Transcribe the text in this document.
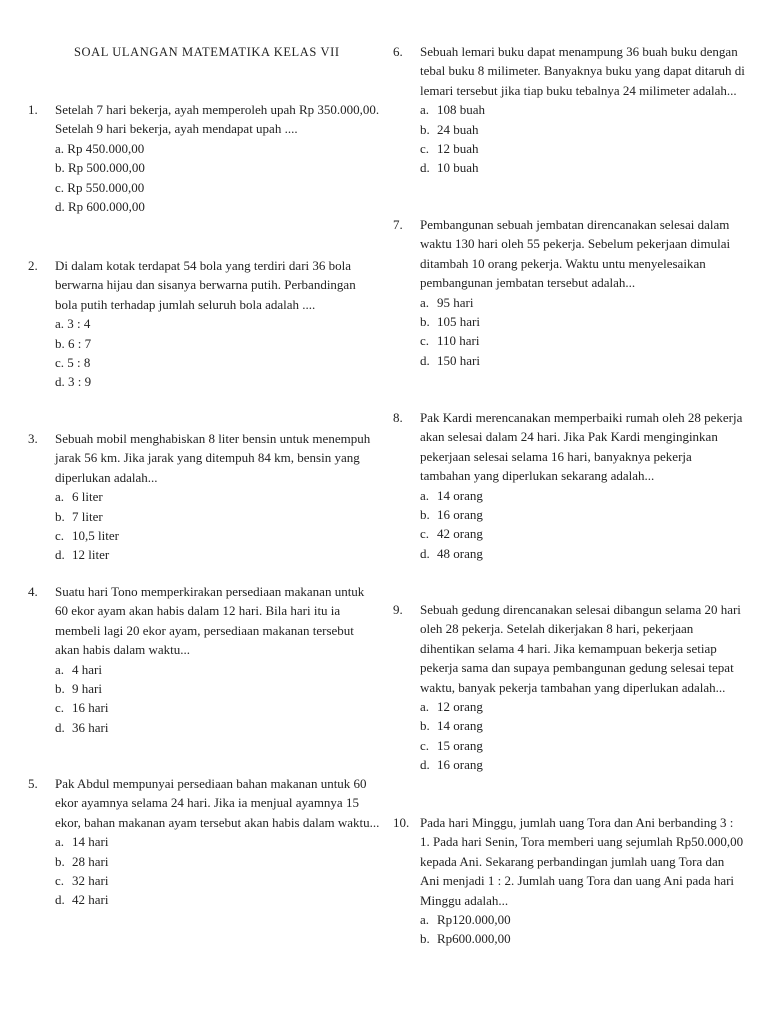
SOAL ULANGAN MATEMATIKA KELAS VII
1. Setelah 7 hari bekerja, ayah memperoleh upah Rp 350.000,00. Setelah 9 hari bekerja, ayah mendapat upah ....
a. Rp 450.000,00
b. Rp 500.000,00
c. Rp 550.000,00
d. Rp 600.000,00
2. Di dalam kotak terdapat 54 bola yang terdiri dari 36 bola berwarna hijau dan sisanya berwarna putih. Perbandingan bola putih terhadap jumlah seluruh bola adalah ....
a. 3 : 4
b. 6 : 7
c. 5 : 8
d. 3 : 9
3. Sebuah mobil menghabiskan 8 liter bensin untuk menempuh jarak 56 km. Jika jarak yang ditempuh 84 km, bensin yang diperlukan adalah...
a. 6 liter
b. 7 liter
c. 10,5 liter
d. 12 liter
4. Suatu hari Tono memperkirakan persediaan makanan untuk 60 ekor ayam akan habis dalam 12 hari. Bila hari itu ia membeli lagi 20 ekor ayam, persediaan makanan tersebut akan habis dalam waktu...
a. 4 hari
b. 9 hari
c. 16 hari
d. 36 hari
5. Pak Abdul mempunyai persediaan bahan makanan untuk 60 ekor ayamnya selama 24 hari. Jika ia menjual ayamnya 15 ekor, bahan makanan ayam tersebut akan habis dalam waktu...
a. 14 hari
b. 28 hari
c. 32 hari
d. 42 hari
6. Sebuah lemari buku dapat menampung 36 buah buku dengan tebal buku 8 milimeter. Banyaknya buku yang dapat ditaruh di lemari tersebut jika tiap buku tebalnya 24 milimeter adalah...
a. 108 buah
b. 24 buah
c. 12 buah
d. 10 buah
7. Pembangunan sebuah jembatan direncanakan selesai dalam waktu 130 hari oleh 55 pekerja. Sebelum pekerjaan dimulai ditambah 10 orang pekerja. Waktu untu menyelesaikan pembangunan jembatan tersebut adalah...
a. 95 hari
b. 105 hari
c. 110 hari
d. 150 hari
8. Pak Kardi merencanakan memperbaiki rumah oleh 28 pekerja akan selesai dalam 24 hari. Jika Pak Kardi menginginkan pekerjaan selesai selama 16 hari, banyaknya pekerja tambahan yang diperlukan sekarang adalah...
a. 14 orang
b. 16 orang
c. 42 orang
d. 48 orang
9. Sebuah gedung direncanakan selesai dibangun selama 20 hari oleh 28 pekerja. Setelah dikerjakan 8 hari, pekerjaan dihentikan selama 4 hari. Jika kemampuan bekerja setiap pekerja sama dan supaya pembangunan gedung selesai tepat waktu, banyak pekerja tambahan yang diperlukan adalah...
a. 12 orang
b. 14 orang
c. 15 orang
d. 16 orang
10. Pada hari Minggu, jumlah uang Tora dan Ani berbanding 3 : 1. Pada hari Senin, Tora memberi uang sejumlah Rp50.000,00 kepada Ani. Sekarang perbandingan jumlah uang Tora dan Ani menjadi 1 : 2. Jumlah uang Tora dan uang Ani pada hari Minggu adalah...
a. Rp120.000,00
b. Rp600.000,00
